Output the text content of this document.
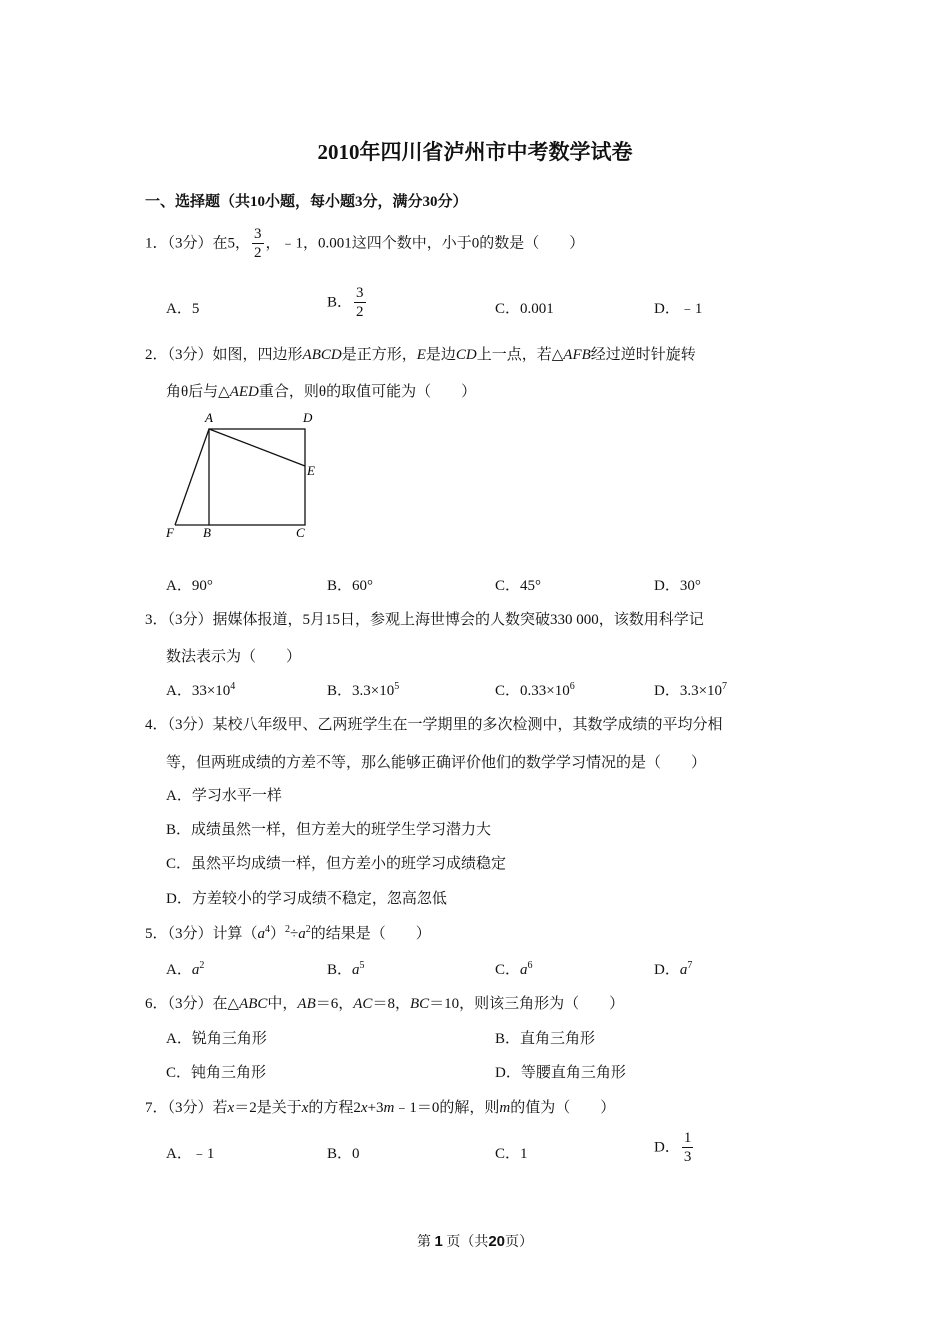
2010年四川省泸州市中考数学试卷
一、选择题（共10小题，每小题3分，满分30分）
1．（3分）在5， $\frac{3}{2}$ ，﹣1，0.001这四个数中，小于0的数是（　　）
A．5	B． $\frac{3}{2}$	C．0.001	D．﹣1
2．（3分）如图，四边形ABCD是正方形，E是边CD上一点，若△AFB经过逆时针旋转
角θ后与△AED重合，则θ的取值可能为（　　）
A	D
E
F B	C
A．90°	B．60°	C．45°	D．30°
3．（3分）据媒体报道，5月15日，参观上海世博会的人数突破330 000，该数用科学记
数法表示为（　　）
A．$33\times 10^4$	B．$3.3\times 10^5$	C．$0.33\times 10^6$	D．$3.3\times 10^7$
4．（3分）某校八年级甲、乙两班学生在一学期里的多次检测中，其数学成绩的平均分相
等，但两班成绩的方差不等，那么能够正确评价他们的数学学习情况的是（　　）
A．学习水平一样
B．成绩虽然一样，但方差大的班学生学习潜力大
C．虽然平均成绩一样，但方差小的班学习成绩稳定
D．方差较小的学习成绩不稳定，忽高忽低
5．（3分）计算$(a^4)^2\div a^2$的结果是（　　）
A．$a^2$	B．$a^5$	C．$a^6$	D．$a^7$
6．（3分）在△ABC中，AB＝6，AC＝8，BC＝10，则该三角形为（　　）
A．锐角三角形	B．直角三角形
C．钝角三角形	D．等腰直角三角形
7．（3分）若x＝2是关于x的方程2x+3m﹣1＝0的解，则m的值为（　　）
A．﹣1	B．0	C．1	D． $\frac{1}{3}$
第 1 页（共20页）
